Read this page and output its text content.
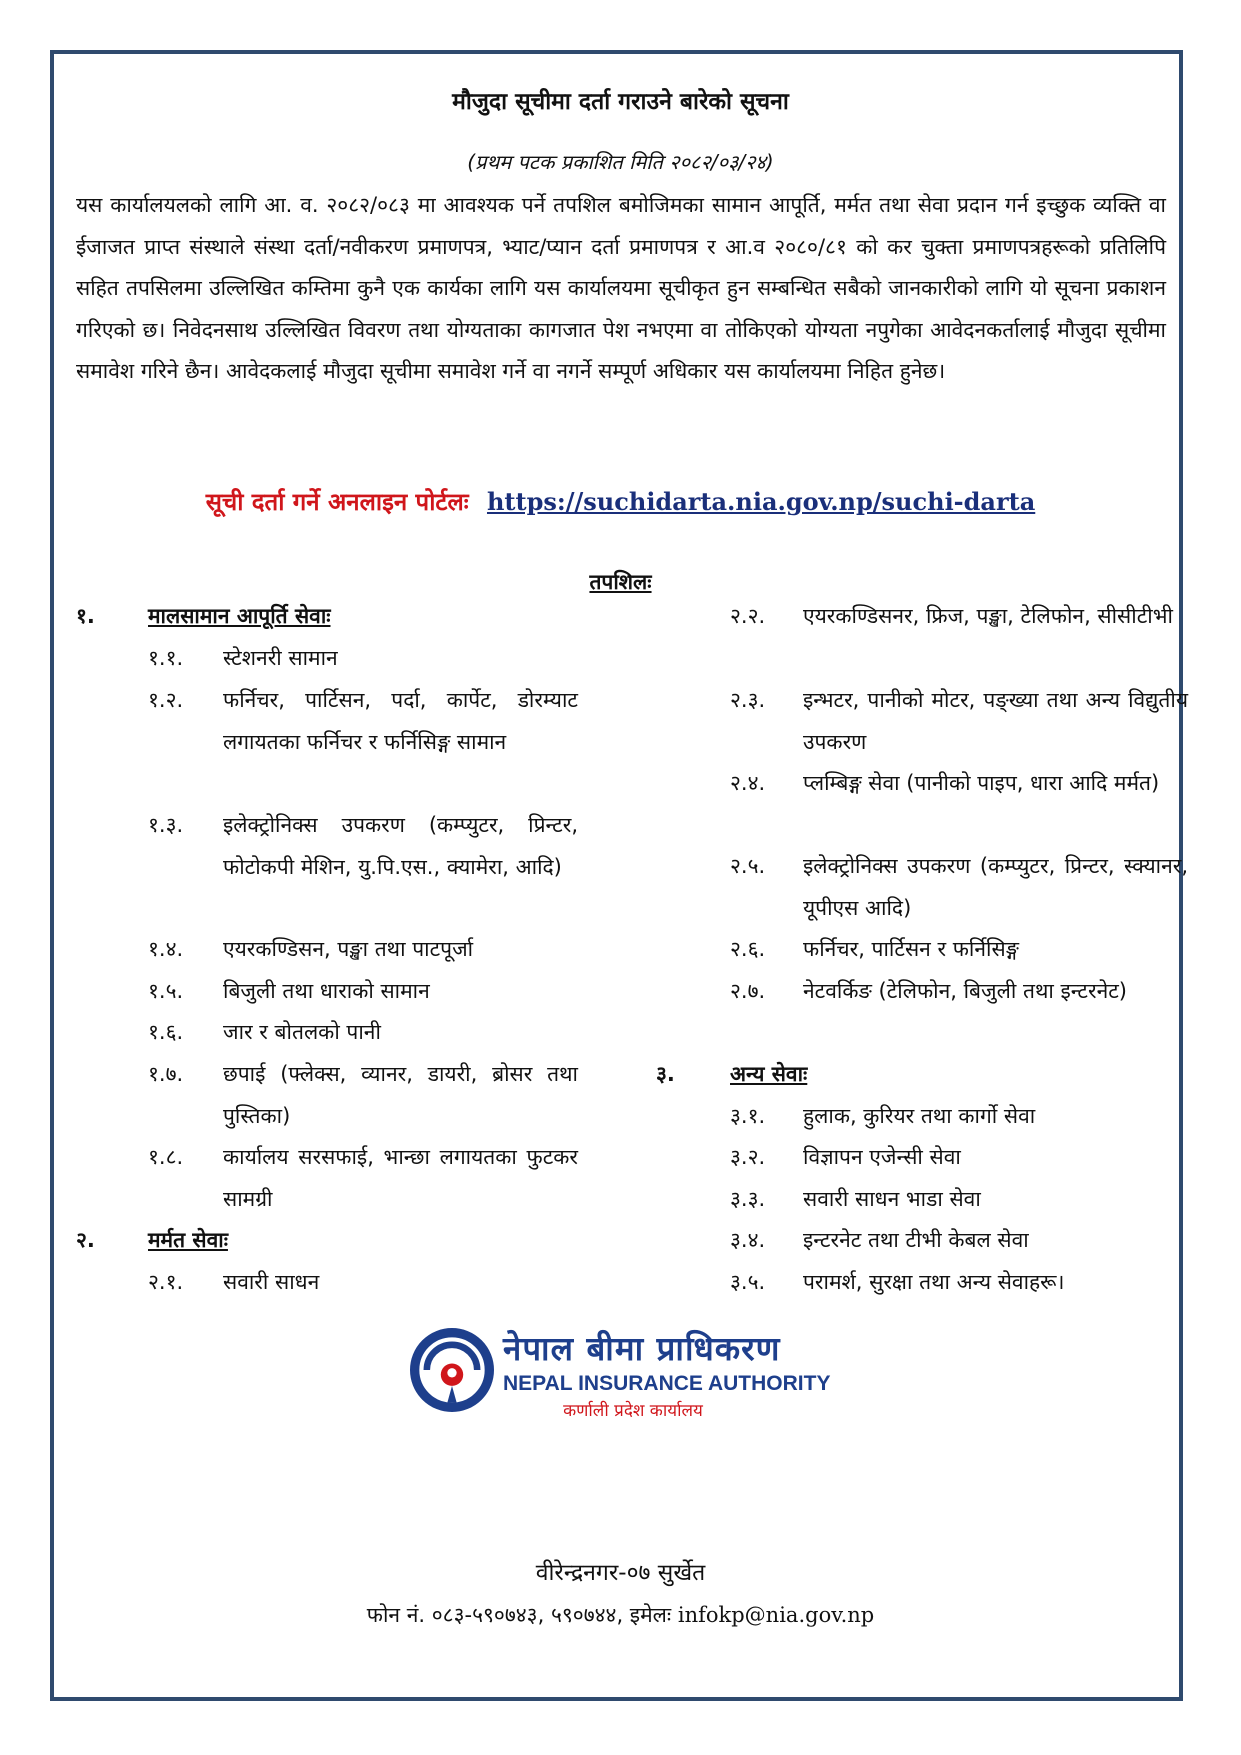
मौजुदा सूचीमा दर्ता गराउने बारेको सूचना
(प्रथम पटक प्रकाशित मिति २०८२/०३/२४)
यस कार्यालयलको लागि आ. व. २०८२/०८३ मा आवश्यक पर्ने तपशिल बमोजिमका सामान आपूर्ति, मर्मत तथा सेवा प्रदान गर्न इच्छुक व्यक्ति वा ईजाजत प्राप्त संस्थाले संस्था दर्ता/नवीकरण प्रमाणपत्र, भ्याट/प्यान दर्ता प्रमाणपत्र र आ.व २०८०/८१ को कर चुक्ता प्रमाणपत्रहरूको प्रतिलिपि सहित तपसिलमा उल्लिखित कम्तिमा कुनै एक कार्यका लागि यस कार्यालयमा सूचीकृत हुन सम्बन्धित सबैको जानकारीको लागि यो सूचना प्रकाशन गरिएको छ। निवेदनसाथ उल्लिखित विवरण तथा योग्यताका कागजात पेश नभएमा वा तोकिएको योग्यता नपुगेका आवेदनकर्तालाई मौजुदा सूचीमा समावेश गरिने छैन। आवेदकलाई मौजुदा सूचीमा समावेश गर्ने वा नगर्ने सम्पूर्ण अधिकार यस कार्यालयमा निहित हुनेछ।
सूची दर्ता गर्ने अनलाइन पोर्टलः https://suchidarta.nia.gov.np/suchi-darta
तपशिलः
१.	मालसामान आपूर्ति सेवाः
१.१. स्टेशनरी सामान
१.२. फर्निचर, पार्टिसन, पर्दा, कार्पेट, डोरम्याट लगायतका फर्निचर र फर्निसिङ्ग सामान
१.३. इलेक्ट्रोनिक्स उपकरण (कम्प्युटर, प्रिन्टर, फोटोकपी मेशिन, यु.पि.एस., क्यामेरा, आदि)
१.४. एयरकण्डिसन, पङ्खा तथा पाटपूर्जा
१.५. बिजुली तथा धाराको सामान
१.६. जार र बोतलको पानी
१.७. छपाई (फ्लेक्स, व्यानर, डायरी, ब्रोसर तथा पुस्तिका)
१.८. कार्यालय सरसफाई, भान्छा लगायतका फुटकर सामग्री
२.	मर्मत सेवाः
२.१. सवारी साधन
२.२. एयरकण्डिसनर, फ्रिज, पङ्खा, टेलिफोन, सीसीटीभी
२.३. इन्भटर, पानीको मोटर, पङ्ख्या तथा अन्य विद्युतीय उपकरण
२.४. प्लम्बिङ्ग सेवा (पानीको पाइप, धारा आदि मर्मत)
२.५. इलेक्ट्रोनिक्स उपकरण (कम्प्युटर, प्रिन्टर, स्क्यानर, यूपीएस आदि)
२.६. फर्निचर, पार्टिसन र फर्निसिङ्ग
२.७. नेटवर्किङ (टेलिफोन, बिजुली तथा इन्टरनेट)
३.	अन्य सेवाः
३.१. हुलाक, कुरियर तथा कार्गो सेवा
३.२. विज्ञापन एजेन्सी सेवा
३.३. सवारी साधन भाडा सेवा
३.४. इन्टरनेट तथा टीभी केबल सेवा
३.५. परामर्श, सुरक्षा तथा अन्य सेवाहरू।
नेपाल बीमा प्राधिकरण
NEPAL INSURANCE AUTHORITY
कर्णाली प्रदेश कार्यालय
वीरेन्द्रनगर-०७ सुर्खेत
फोन नं. ०८३-५९०७४३, ५९०७४४, इमेलः infokp@nia.gov.np
